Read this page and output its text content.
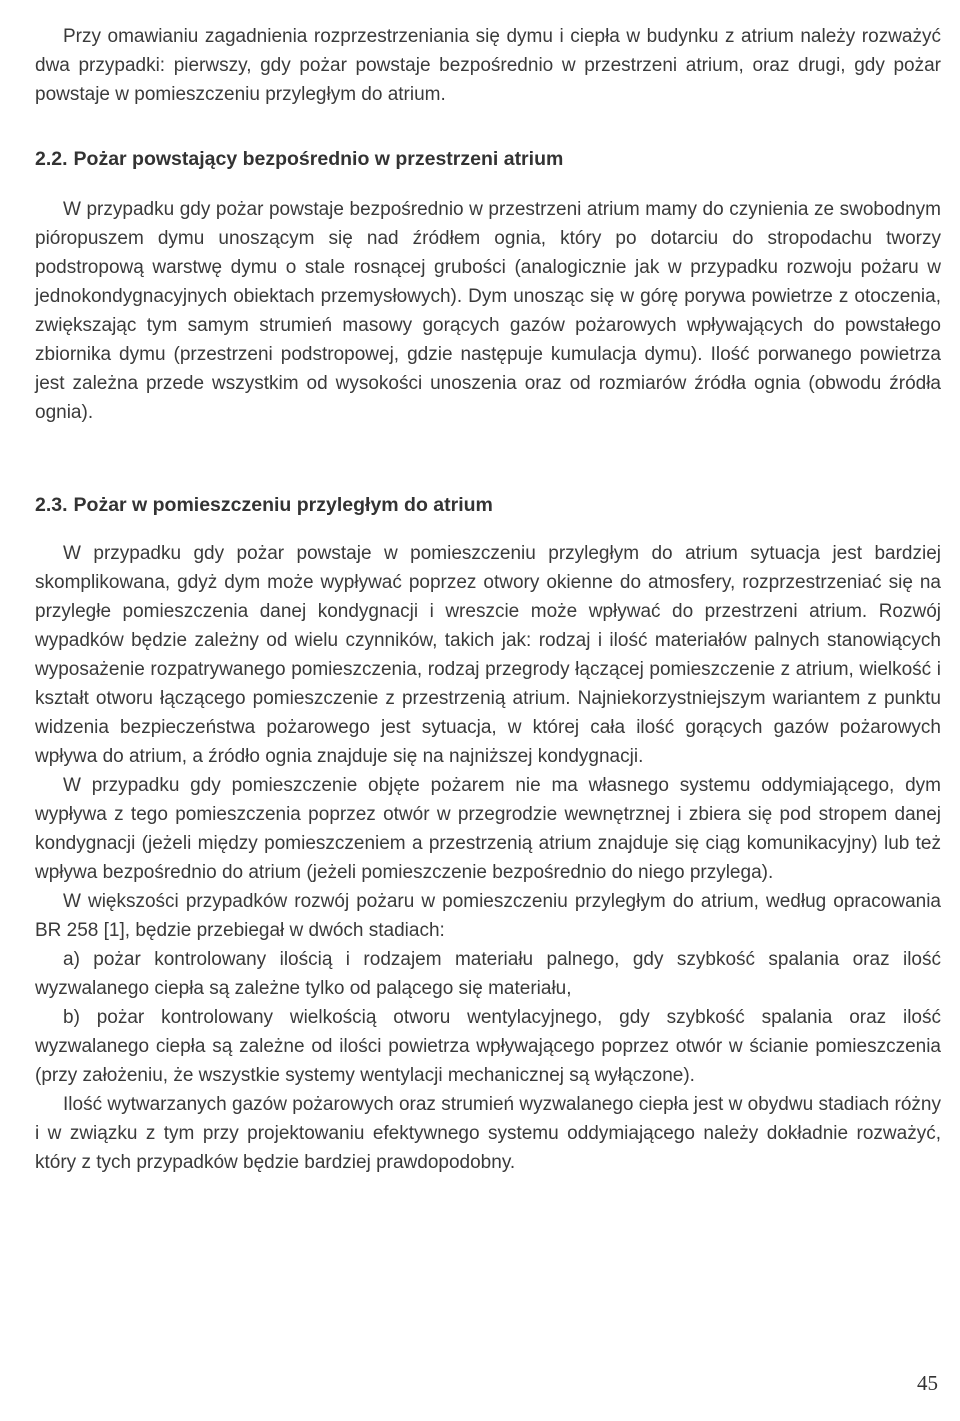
Przy omawianiu zagadnienia rozprzestrzeniania się dymu i ciepła w budynku z atrium należy rozważyć dwa przypadki: pierwszy, gdy pożar powstaje bezpośrednio w przestrzeni atrium, oraz drugi, gdy pożar powstaje w pomieszczeniu przyległym do atrium.

2.2. Pożar powstający bezpośrednio w przestrzeni atrium

W przypadku gdy pożar powstaje bezpośrednio w przestrzeni atrium mamy do czynienia ze swobodnym pióropuszem dymu unoszącym się nad źródłem ognia, który po dotarciu do stropodachu tworzy podstropową warstwę dymu o stale rosnącej grubości (analogicznie jak w przypadku rozwoju pożaru w jednokondygnacyjnych obiektach przemysłowych). Dym unosząc się w górę porywa powietrze z otoczenia, zwiększając tym samym strumień masowy gorących gazów pożarowych wpływających do powstałego zbiornika dymu (przestrzeni podstropowej, gdzie następuje kumulacja dymu). Ilość porwanego powietrza jest zależna przede wszystkim od wysokości unoszenia oraz od rozmiarów źródła ognia (obwodu źródła ognia).

2.3. Pożar w pomieszczeniu przyległym do atrium

W przypadku gdy pożar powstaje w pomieszczeniu przyległym do atrium sytuacja jest bardziej skomplikowana, gdyż dym może wypływać poprzez otwory okienne do atmosfery, rozprzestrzeniać się na przyległe pomieszczenia danej kondygnacji i wreszcie może wpływać do przestrzeni atrium. Rozwój wypadków będzie zależny od wielu czynników, takich jak: rodzaj i ilość materiałów palnych stanowiących wyposażenie rozpatrywanego pomieszczenia, rodzaj przegrody łączącej pomieszczenie z atrium, wielkość i kształt otworu łączącego pomieszczenie z przestrzenią atrium. Najniekorzystniejszym wariantem z punktu widzenia bezpieczeństwa pożarowego jest sytuacja, w której cała ilość gorących gazów pożarowych wpływa do atrium, a źródło ognia znajduje się na najniższej kondygnacji.

W przypadku gdy pomieszczenie objęte pożarem nie ma własnego systemu oddymiającego, dym wypływa z tego pomieszczenia poprzez otwór w przegrodzie wewnętrznej i zbiera się pod stropem danej kondygnacji (jeżeli między pomieszczeniem a przestrzenią atrium znajduje się ciąg komunikacyjny) lub też wpływa bezpośrednio do atrium (jeżeli pomieszczenie bezpośrednio do niego przylega).

W większości przypadków rozwój pożaru w pomieszczeniu przyległym do atrium, według opracowania BR 258 [1], będzie przebiegał w dwóch stadiach:

a) pożar kontrolowany ilością i rodzajem materiału palnego, gdy szybkość spalania oraz ilość wyzwalanego ciepła są zależne tylko od palącego się materiału,

b) pożar kontrolowany wielkością otworu wentylacyjnego, gdy szybkość spalania oraz ilość wyzwalanego ciepła są zależne od ilości powietrza wpływającego poprzez otwór w ścianie pomieszczenia (przy założeniu, że wszystkie systemy wentylacji mechanicznej są wyłączone).

Ilość wytwarzanych gazów pożarowych oraz strumień wyzwalanego ciepła jest w obydwu stadiach różny i w związku z tym przy projektowaniu efektywnego systemu oddymiającego należy dokładnie rozważyć, który z tych przypadków będzie bardziej prawdopodobny.

45
